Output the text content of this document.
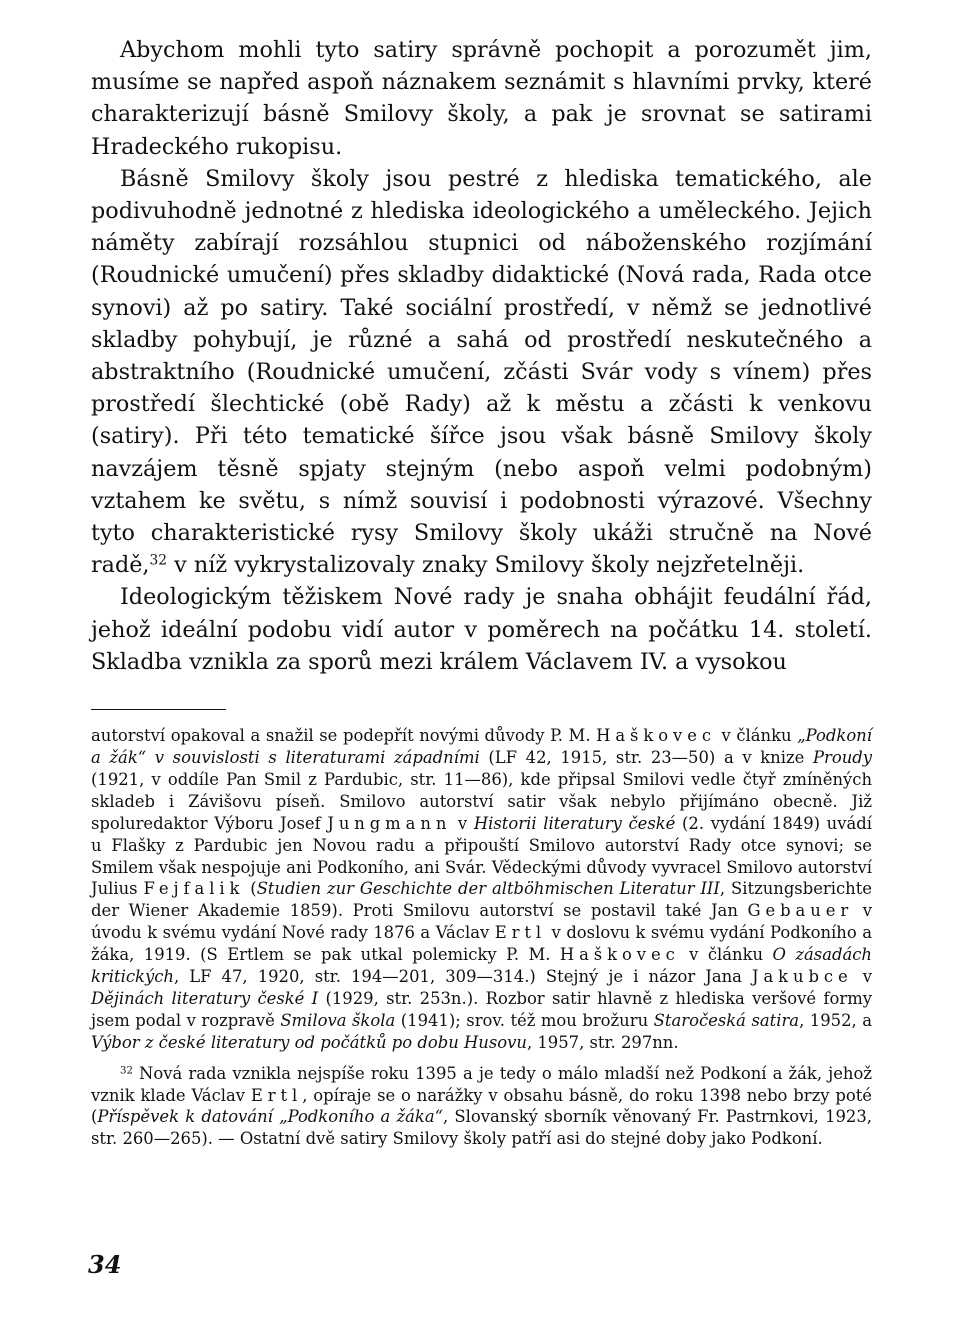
Abychom mohli tyto satiry správně pochopit a porozumět jim, musíme se napřed aspoň náznakem seznámit s hlavními prvky, které charakterizují básně Smilovy školy, a pak je srovnat se satirami Hradeckého rukopisu.

Básně Smilovy školy jsou pestré z hlediska tematického, ale podivuhodně jednotné z hlediska ideologického a uměleckého. Jejich náměty zabírají rozsáhlou stupnici od náboženského rozjímání (Roudnické umučení) přes skladby didaktické (Nová rada, Rada otce synovi) až po satiry. Také sociální prostředí, v němž se jednotlivé skladby pohybují, je různé a sahá od prostředí neskutečného a abstraktního (Roudnické umučení, zčásti Svár vody s vínem) přes prostředí šlechtické (obě Rady) až k městu a zčásti k venkovu (satiry). Při této tematické šířce jsou však básně Smilovy školy navzájem těsně spjaty stejným (nebo aspoň velmi podobným) vztahem ke světu, s nímž souvisí i podobnosti výrazové. Všechny tyto charakteristické rysy Smilovy školy ukáži stručně na Nové radě,$^{32}$ v níž vykrystalizovaly znaky Smilovy školy nejzřetelněji.

Ideologickým těžiskem Nové rady je snaha obhájit feudální řád, jehož ideální podobu vidí autor v poměrech na počátku 14. století. Skladba vznikla za sporů mezi králem Václavem IV. a vysokou

autorství opakoval a snažil se podepřít novými důvody P. M. Haškovec v článku „Podkoní a žák“ v souvislosti s literaturami západními (LF 42, 1915, str. 23—50) a v knize Proudy (1921, v oddíle Pan Smil z Pardubic, str. 11—86), kde připsal Smilovi vedle čtyř zmíněných skladeb i Závišovu píseň. Smilovo autorství satir však nebylo přijímáno obecně. Již spoluredaktor Výboru Josef Jungmann v Historii literatury české (2. vydání 1849) uvádí u Flašky z Pardubic jen Novou radu a připouští Smilovo autorství Rady otce synovi; se Smilem však nespojuje ani Podkoního, ani Svár. Vědeckými důvody vyvracel Smilovo autorství Julius Fejfalik (Studien zur Geschichte der altböhmischen Literatur III, Sitzungsberichte der Wiener Akademie 1859). Proti Smilovu autorství se postavil také Jan Gebauer v úvodu k svému vydání Nové rady 1876 a Václav Ertl v doslovu k svému vydání Podkoního a žáka, 1919. (S Ertlem se pak utkal polemicky P. M. Haškovec v článku O zásadách kritických, LF 47, 1920, str. 194—201, 309—314.) Stejný je i názor Jana Jakubce v Dějinách literatury české I (1929, str. 253n.). Rozbor satir hlavně z hlediska veršové formy jsem podal v rozpravě Smilova škola (1941); srov. též mou brožuru Staročeská satira, 1952, a Výbor z české literatury od počátků po dobu Husovu, 1957, str. 297nn.

$^{32}$ Nová rada vznikla nejspíše roku 1395 a je tedy o málo mladší než Podkoní a žák, jehož vznik klade Václav Ertl, opíraje se o narážky v obsahu básně, do roku 1398 nebo brzy poté (Příspěvek k datování „Podkoního a žáka“, Slovanský sborník věnovaný Fr. Pastrnkovi, 1923, str. 260—265). — Ostatní dvě satiry Smilovy školy patří asi do stejné doby jako Podkoní.

34
